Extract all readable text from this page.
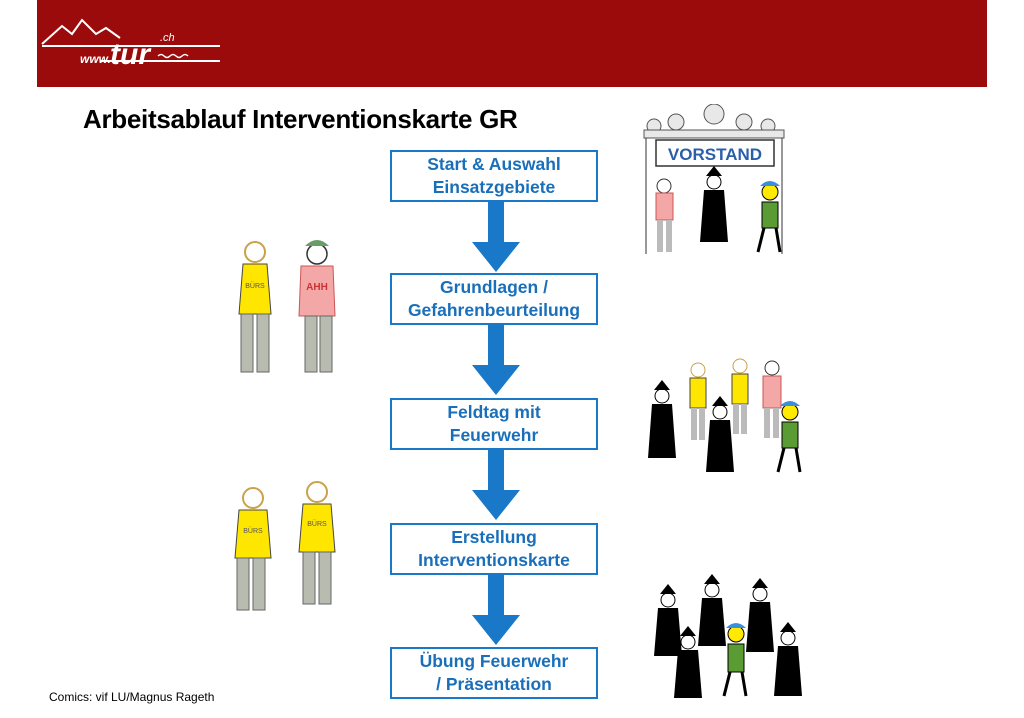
www. tur .ch
Arbeitsablauf Interventionskarte GR
Start & Auswahl
Einsatzgebiete
Grundlagen /
Gefahrenbeurteilung
Feldtag mit
Feuerwehr
Erstellung
Interventionskarte
Übung Feuerwehr
/ Präsentation
VORSTAND
BÜRS	AHH
BÜRS
BÜRS
Comics: vif LU/Magnus Rageth
